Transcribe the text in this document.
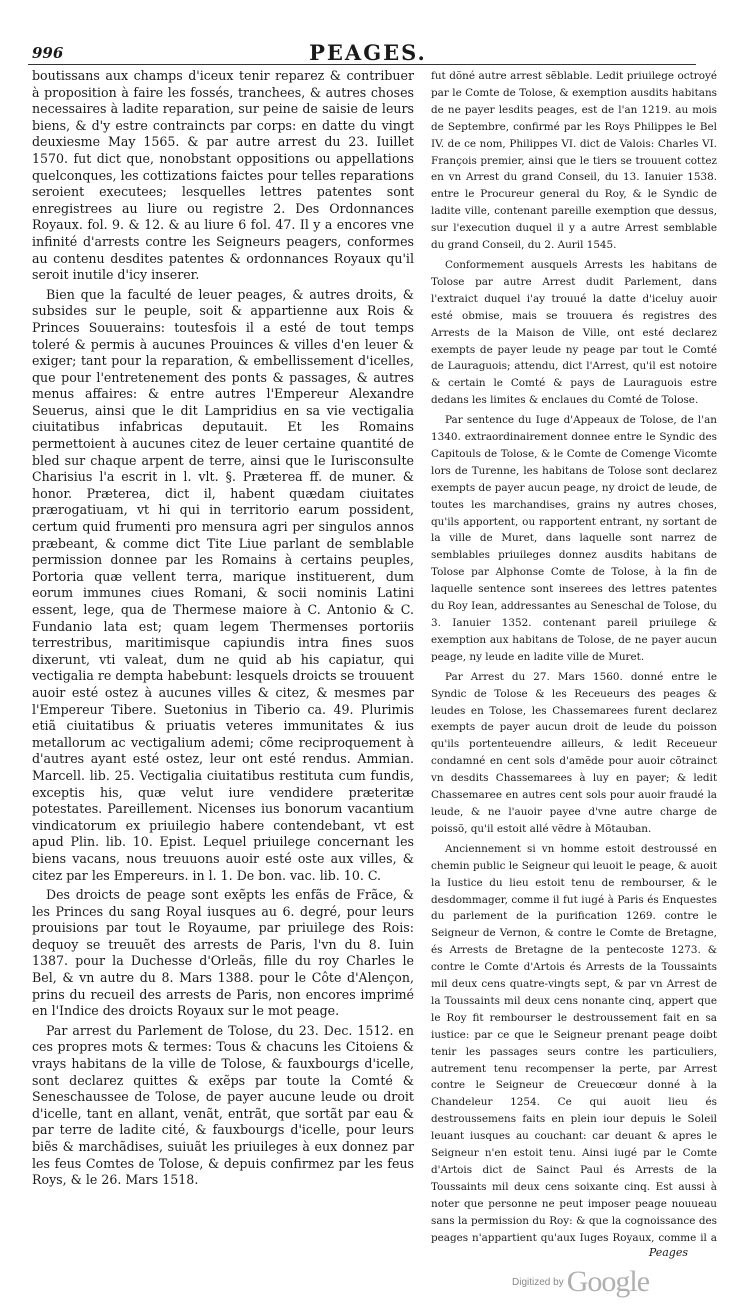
996	PEAGES.

boutissans aux champs d'iceux tenir reparez & contribuer à proposition à faire les fossés, tranchees, & autres choses necessaires à ladite reparation, sur peine de saisie de leurs biens, & d'y estre contraincts par corps: en datte du vingt deuxiesme May 1565. & par autre arrest du 23. Iuillet 1570. fut dict que, nonobstant oppositions ou appellations quelconques, les cottizations faictes pour telles reparations seroient executees; lesquelles lettres patentes sont enregistrees au liure ou registre 2. Des Ordonnances Royaux. fol. 9. & 12. & au liure 6 fol. 47. Il y a encores vne infinité d'arrests contre les Seigneurs peagers, conformes au contenu desdites patentes & ordonnances Royaux qu'il seroit inutile d'icy inserer.

Bien que la faculté de leuer peages, & autres droits, & subsides sur le peuple, soit & appartienne aux Rois & Princes Souuerains: toutesfois il a esté de tout temps toleré & permis à aucunes Prouinces & villes d'en leuer & exiger; tant pour la reparation, & embellissement d'icelles, que pour l'entretenement des ponts & passages, & autres menus affaires: & entre autres l'Empereur Alexandre Seuerus, ainsi que le dit Lampridius en sa vie vectigalia ciuitatibus infabricas deputauit. Et les Romains permettoient à aucunes citez de leuer certaine quantité de bled sur chaque arpent de terre, ainsi que le Iurisconsulte Charisius l'a escrit in l. vlt. §. Præterea ff. de muner. & honor. Præterea, dict il, habent quædam ciuitates prærogatiuam, vt hi qui in territorio earum possident, certum quid frumenti pro mensura agri per singulos annos præbeant, & comme dict Tite Liue parlant de semblable permission donnee par les Romains à certains peuples, Portoria quæ vellent terra, marique instituerent, dum eorum immunes ciues Romani, & socii nominis Latini essent, lege, qua de Thermese maiore à C. Antonio & C. Fundanio lata est; quam legem Thermenses portoriis terrestribus, maritimisque capiundis intra fines suos dixerunt, vti valeat, dum ne quid ab his capiatur, qui vectigalia re dempta habebunt: lesquels droicts se trouuent auoir esté ostez à aucunes villes & citez, & mesmes par l'Empereur Tibere. Suetonius in Tiberio ca. 49. Plurimis etiã ciuitatibus & priuatis veteres immunitates & ius metallorum ac vectigalium ademi; cõme reciproquement à d'autres ayant esté ostez, leur ont esté rendus. Ammian. Marcell. lib. 25. Vectigalia ciuitatibus restituta cum fundis, exceptis his, quæ velut iure vendidere præteritæ potestates. Pareillement. Nicenses ius bonorum vacantium vindicatorum ex priuilegio habere contendebant, vt est apud Plin. lib. 10. Epist. Lequel priuilege concernant les biens vacans, nous treuuons auoir esté oste aux villes, & citez par les Empereurs. in l. 1. De bon. vac. lib. 10. C.

Des droicts de peage sont exẽpts les enfãs de Frãce, & les Princes du sang Royal iusques au 6. degré, pour leurs prouisions par tout le Royaume, par priuilege des Rois: dequoy se treuuẽt des arrests de Paris, l'vn du 8. Iuin 1387. pour la Duchesse d'Orleãs, fille du roy Charles le Bel, & vn autre du 8. Mars 1388. pour le Côte d'Alençon, prins du recueil des arrests de Paris, non encores imprimé en l'Indice des droicts Royaux sur le mot peage.

Par arrest du Parlement de Tolose, du 23. Dec. 1512. en ces propres mots & termes: Tous & chacuns les Citoiens & vrays habitans de la ville de Tolose, & fauxbourgs d'icelle, sont declarez quittes & exẽps par toute la Comté & Seneschaussee de Tolose, de payer aucune leude ou droit d'icelle, tant en allant, venãt, entrãt, que sortãt par eau & par terre de ladite cité, & fauxbourgs d'icelle, pour leurs biẽs & marchãdises, suiuãt les priuileges à eux donnez par les feus Comtes de Tolose, & depuis confirmez par les feus Roys, & le 26. Mars 1518.

fut dõné autre arrest sẽblable. Ledit priuilege octroyé par le Comte de Tolose, & exemption ausdits habitans de ne payer lesdits peages, est de l'an 1219. au mois de Septembre, confirmé par les Roys Philippes le Bel IV. de ce nom, Philippes VI. dict de Valois: Charles VI. François premier, ainsi que le tiers se trouuent cottez en vn Arrest du grand Conseil, du 13. Ianuier 1538. entre le Procureur general du Roy, & le Syndic de ladite ville, contenant pareille exemption que dessus, sur l'execution duquel il y a autre Arrest semblable du grand Conseil, du 2. Auril 1545.

Conformement ausquels Arrests les habitans de Tolose par autre Arrest dudit Parlement, dans l'extraict duquel i'ay trouué la datte d'iceluy auoir esté obmise, mais se trouuera és registres des Arrests de la Maison de Ville, ont esté declarez exempts de payer leude ny peage par tout le Comté de Lauraguois; attendu, dict l'Arrest, qu'il est notoire & certain le Comté & pays de Lauraguois estre dedans les limites & enclaues du Comté de Tolose.

Par sentence du Iuge d'Appeaux de Tolose, de l'an 1340. extraordinairement donnee entre le Syndic des Capitouls de Tolose, & le Comte de Comenge Vicomte lors de Turenne, les habitans de Tolose sont declarez exempts de payer aucun peage, ny droict de leude, de toutes les marchandises, grains ny autres choses, qu'ils apportent, ou rapportent entrant, ny sortant de la ville de Muret, dans laquelle sont narrez de semblables priuileges donnez ausdits habitans de Tolose par Alphonse Comte de Tolose, à la fin de laquelle sentence sont inserees des lettres patentes du Roy Iean, addressantes au Seneschal de Tolose, du 3. Ianuier 1352. contenant pareil priuilege & exemption aux habitans de Tolose, de ne payer aucun peage, ny leude en ladite ville de Muret.

Par Arrest du 27. Mars 1560. donné entre le Syndic de Tolose & les Receueurs des peages & leudes en Tolose, les Chassemarees furent declarez exempts de payer aucun droit de leude du poisson qu'ils portenteuendre ailleurs, & ledit Receueur condamné en cent sols d'amẽde pour auoir cõtrainct vn desdits Chassemarees à luy en payer; & ledit Chassemaree en autres cent sols pour auoir fraudé la leude, & ne l'auoir payee d'vne autre charge de poissõ, qu'il estoit allé vẽdre à Mõtauban.

Anciennement si vn homme estoit destroussé en chemin public le Seigneur qui leuoit le peage, & auoit la Iustice du lieu estoit tenu de rembourser, & le desdommager, comme il fut iugé à Paris és Enquestes du parlement de la purification 1269. contre le Seigneur de Vernon, & contre le Comte de Bretagne, és Arrests de Bretagne de la pentecoste 1273. & contre le Comte d'Artois és Arrests de la Toussaints mil deux cens quatre-vingts sept, & par vn Arrest de la Toussaints mil deux cens nonante cinq, appert que le Roy fit rembourser le destroussement fait en sa iustice: par ce que le Seigneur prenant peage doibt tenir les passages seurs contre les particuliers, autrement tenu recompenser la perte, par Arrest contre le Seigneur de Creuecœur donné à la Chandeleur 1254. Ce qui auoit lieu és destroussemens faits en plein iour depuis le Soleil leuant iusques au couchant: car deuant & apres le Seigneur n'en estoit tenu. Ainsi iugé par le Comte d'Artois dict de Sainct Paul és Arrests de la Toussaints mil deux cens soixante cinq. Est aussi à noter que personne ne peut imposer peage nouueau sans la permission du Roy: & que la cognoissance des peages n'appartient qu'aux Iuges Royaux, comme il a

Peages
Digitized by Google
